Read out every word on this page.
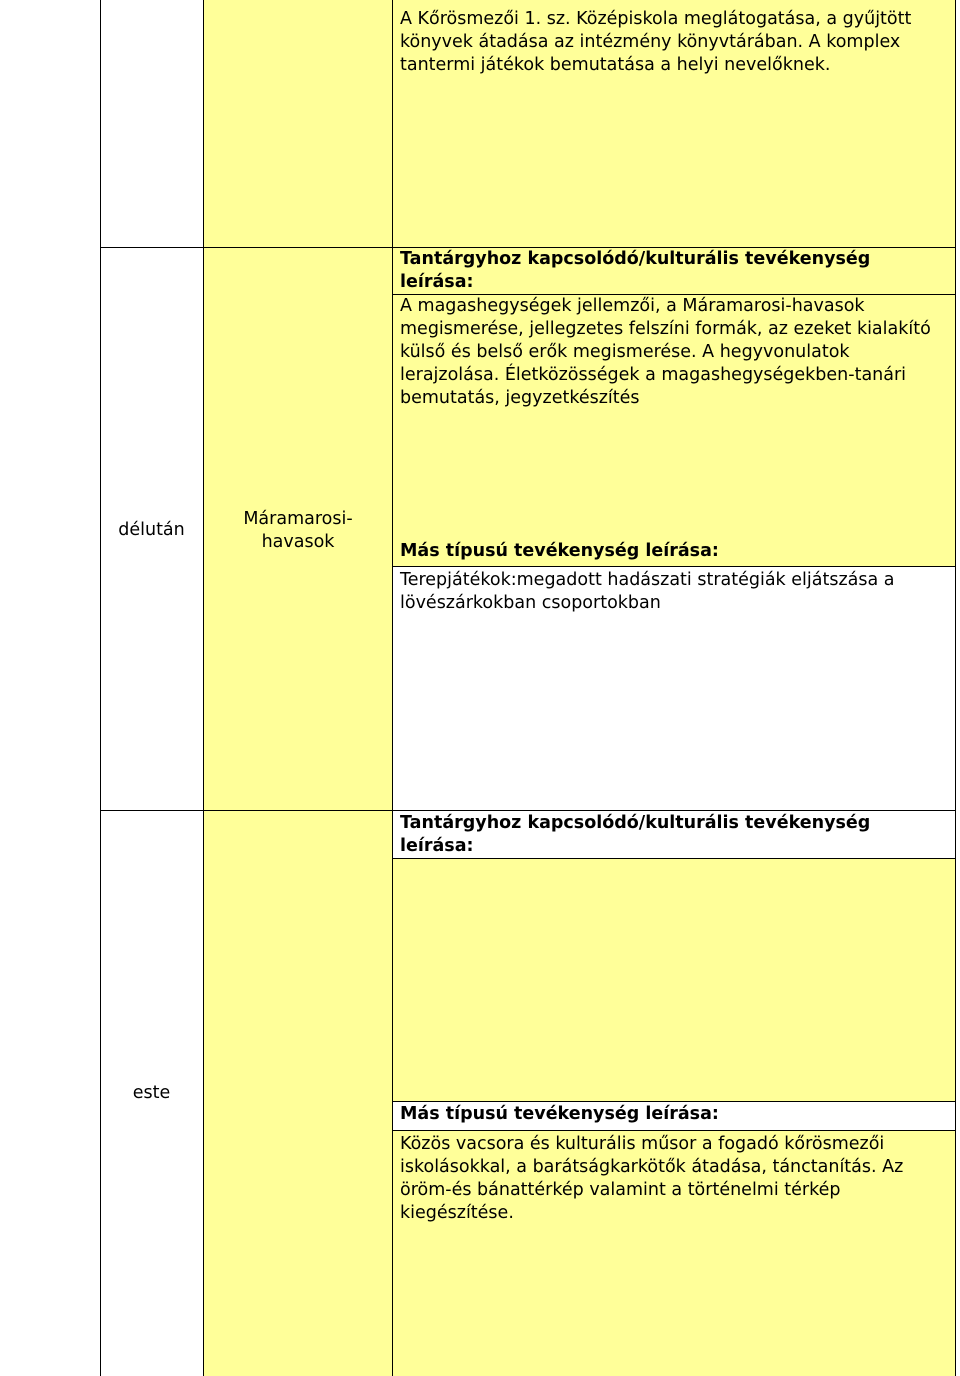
A Kőrösmezői 1. sz. Középiskola meglátogatása, a gyűjtött könyvek átadása az intézmény könyvtárában. A komplex tantermi játékok bemutatása a helyi nevelőknek.
délután
Máramarosi-
havasok
Tantárgyhoz kapcsolódó/kulturális tevékenység
leírása:
A magashegységek jellemzői, a Máramarosi-havasok megismerése, jellegzetes felszíni formák, az ezeket kialakító külső és belső erők megismerése. A hegyvonulatok lerajzolása. Életközösségek a magashegységekben-tanári bemutatás, jegyzetkészítés
Más típusú tevékenység leírása:
Terepjátékok:megadott hadászati stratégiák eljátszása a lövészárkokban csoportokban
este
Tantárgyhoz kapcsolódó/kulturális tevékenység
leírása:
Más típusú tevékenység leírása:
Közös vacsora és kulturális műsor a fogadó kőrösmezői iskolásokkal, a barátságkarkötők átadása, tánctanítás. Az öröm-és bánattérkép valamint a történelmi térkép kiegészítése.
